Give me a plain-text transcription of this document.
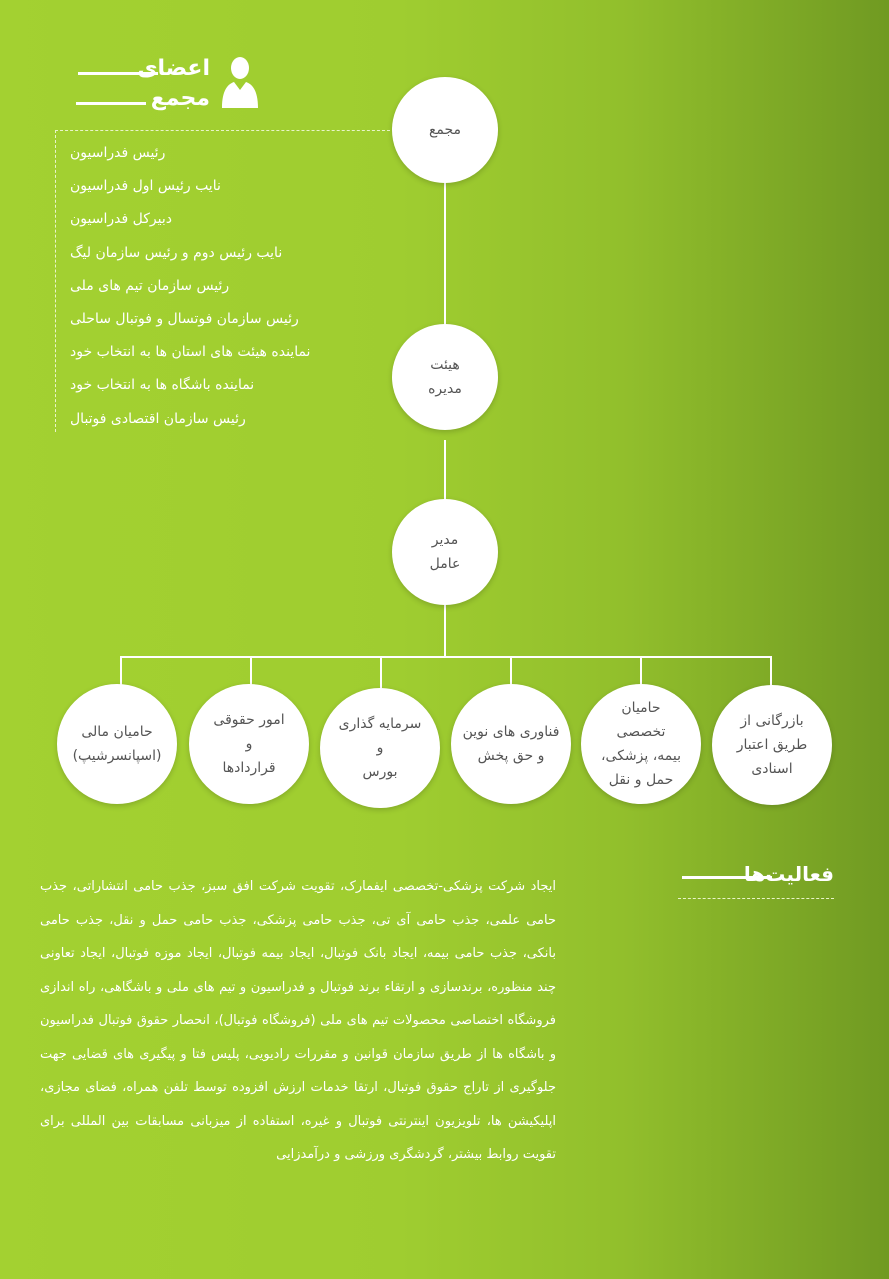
اعضای
مجمع
رئیس فدراسیون
نایب رئیس اول فدراسیون
دبیرکل فدراسیون
نایب رئیس دوم و رئیس سازمان لیگ
رئیس سازمان تیم های ملی
رئیس سازمان فوتسال و فوتبال ساحلی
نماینده هیئت های استان ها به انتخاب خود
نماینده باشگاه ها به انتخاب خود
رئیس سازمان اقتصادی فوتبال
مجمع
هیئت
مدیره
مدیر
عامل
بازرگانی از
طریق اعتبار
اسنادی
حامیان
تخصصی
بیمه، پزشکی،
حمل و نقل
فناوری های نوین
و حق پخش
سرمایه گذاری
و
بورس
امور حقوقی
و
قراردادها
حامیان مالی
(اسپانسرشیپ)
فعالیت‌ها
ایجاد شرکت پزشکی-تخصصی ایفمارک، تقویت شرکت افق سبز، جذب حامی انتشاراتی، جذب حامی علمی، جذب حامی آی تی، جذب حامی پزشکی، جذب حامی حمل و نقل، جذب حامی بانکی، جذب حامی بیمه، ایجاد بانک فوتبال، ایجاد بیمه فوتبال، ایجاد موزه فوتبال، ایجاد تعاونی چند منظوره، برندسازی و ارتقاء برند فوتبال و فدراسیون و تیم های ملی و باشگاهی، راه اندازی فروشگاه اختصاصی محصولات تیم های ملی (فروشگاه فوتبال)، انحصار حقوق فوتبال فدراسیون و باشگاه ها از طریق سازمان قوانین و مقررات رادیویی، پلیس فتا و پیگیری های قضایی جهت جلوگیری از تاراج حقوق فوتبال، ارتقا خدمات ارزش افزوده توسط تلفن همراه، فضای مجازی، اپلیکیشن ها، تلویزیون اینترنتی فوتبال و غیره، استفاده از میزبانی مسابقات بین المللی برای تقویت روابط بیشتر، گردشگری ورزشی و درآمدزایی
